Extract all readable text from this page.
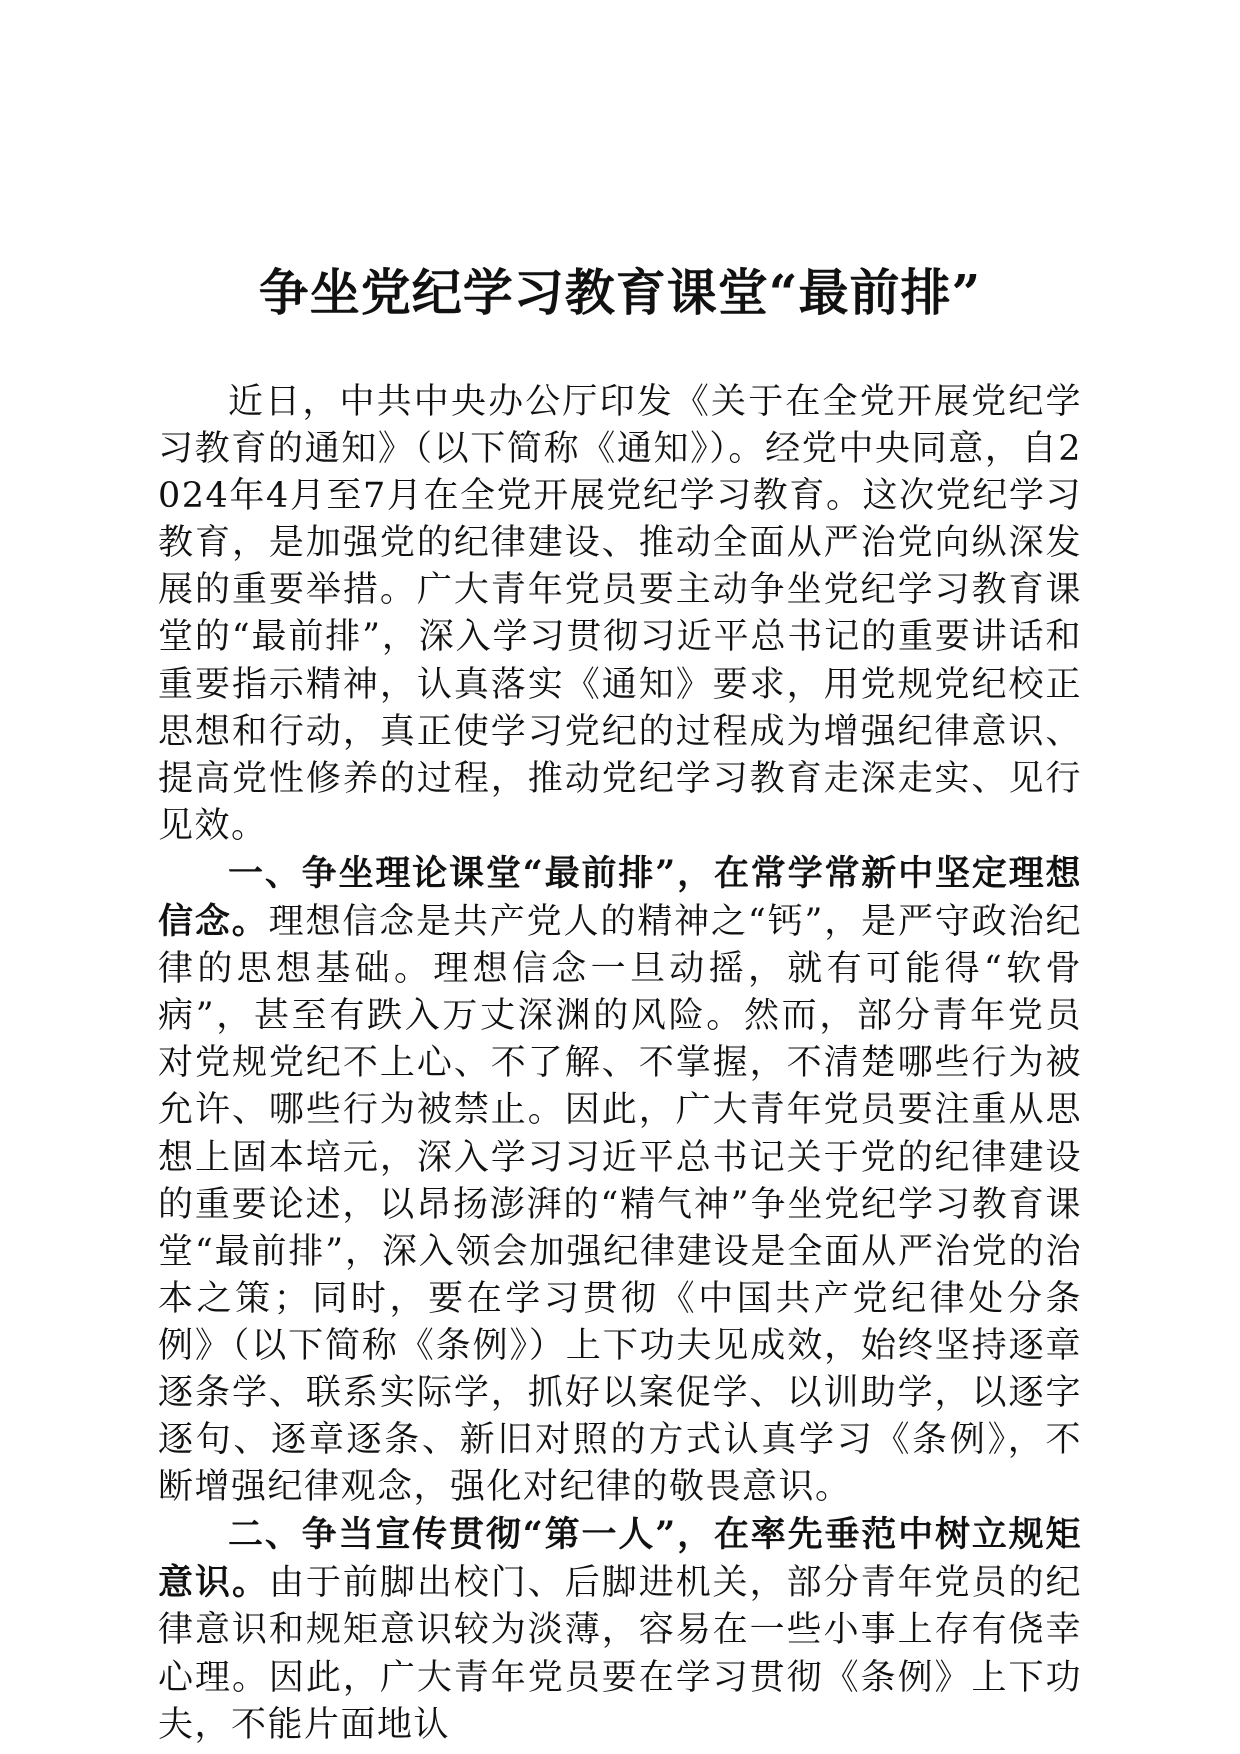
争坐党纪学习教育课堂“最前排”

近日，中共中央办公厅印发《关于在全党开展党纪学习教育的通知》（以下简称《通知》）。经党中央同意，自2024年4月至7月在全党开展党纪学习教育。这次党纪学习教育，是加强党的纪律建设、推动全面从严治党向纵深发展的重要举措。广大青年党员要主动争坐党纪学习教育课堂的“最前排”，深入学习贯彻习近平总书记的重要讲话和重要指示精神，认真落实《通知》要求，用党规党纪校正思想和行动，真正使学习党纪的过程成为增强纪律意识、提高党性修养的过程，推动党纪学习教育走深走实、见行见效。

一、争坐理论课堂“最前排”，在常学常新中坚定理想信念。理想信念是共产党人的精神之“钙”，是严守政治纪律的思想基础。理想信念一旦动摇，就有可能得“软骨病”，甚至有跌入万丈深渊的风险。然而，部分青年党员对党规党纪不上心、不了解、不掌握，不清楚哪些行为被允许、哪些行为被禁止。因此，广大青年党员要注重从思想上固本培元，深入学习习近平总书记关于党的纪律建设的重要论述，以昂扬澎湃的“精气神”争坐党纪学习教育课堂“最前排”，深入领会加强纪律建设是全面从严治党的治本之策；同时，要在学习贯彻《中国共产党纪律处分条例》（以下简称《条例》）上下功夫见成效，始终坚持逐章逐条学、联系实际学，抓好以案促学、以训助学，以逐字逐句、逐章逐条、新旧对照的方式认真学习《条例》，不断增强纪律观念，强化对纪律的敬畏意识。

二、争当宣传贯彻“第一人”，在率先垂范中树立规矩意识。由于前脚出校门、后脚进机关，部分青年党员的纪律意识和规矩意识较为淡薄，容易在一些小事上存有侥幸心理。因此，广大青年党员要在学习贯彻《条例》上下功夫，不能片面地认
